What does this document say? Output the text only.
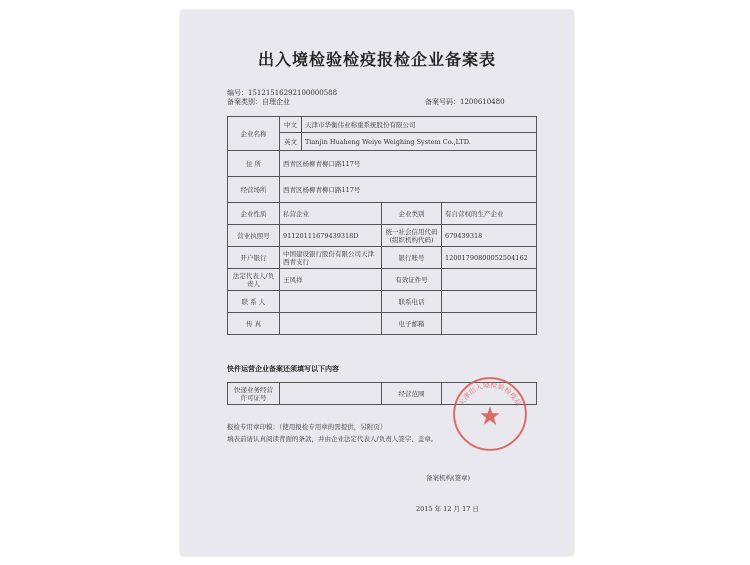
出入境检验检疫报检企业备案表
编号：1512151629210000058​8
备案类别：自理企业	备案号码：1200610480
企业名称	中文	天津市华衡伟业称重系统股份有限公司		
	英文	Tianjin Huaheng Weiye Weighing System Co.,LTD.		
住 所	西青区杨柳青柳口路117号			
经营场所	西青区杨柳青柳口路117号			
企业性质	私营企业		企业类别	有自营权的生产企业
营业执照号	91120111679439318D		统一社会信用代码
(组织机构代码)	679439318
开户银行	中国建设银行股份有限公司天津西青支行		银行账号	12001790800052504162
法定代表人/负责人	王风祥		有效证件号	
联 系 人			联系电话	
传 真			电子邮箱	
快件运营企业备案还须填写以下内容
快递业务经营许可证号		经营范围	
天津出入境检验检疫局
报检专用章印模：（使用报检专用章的需提供，另附页）
填表前请认真阅读背面的条款，并由企业法定代表人/负责人签字、盖章。
备案机构(签章)
2015 年 12 月 17 日
